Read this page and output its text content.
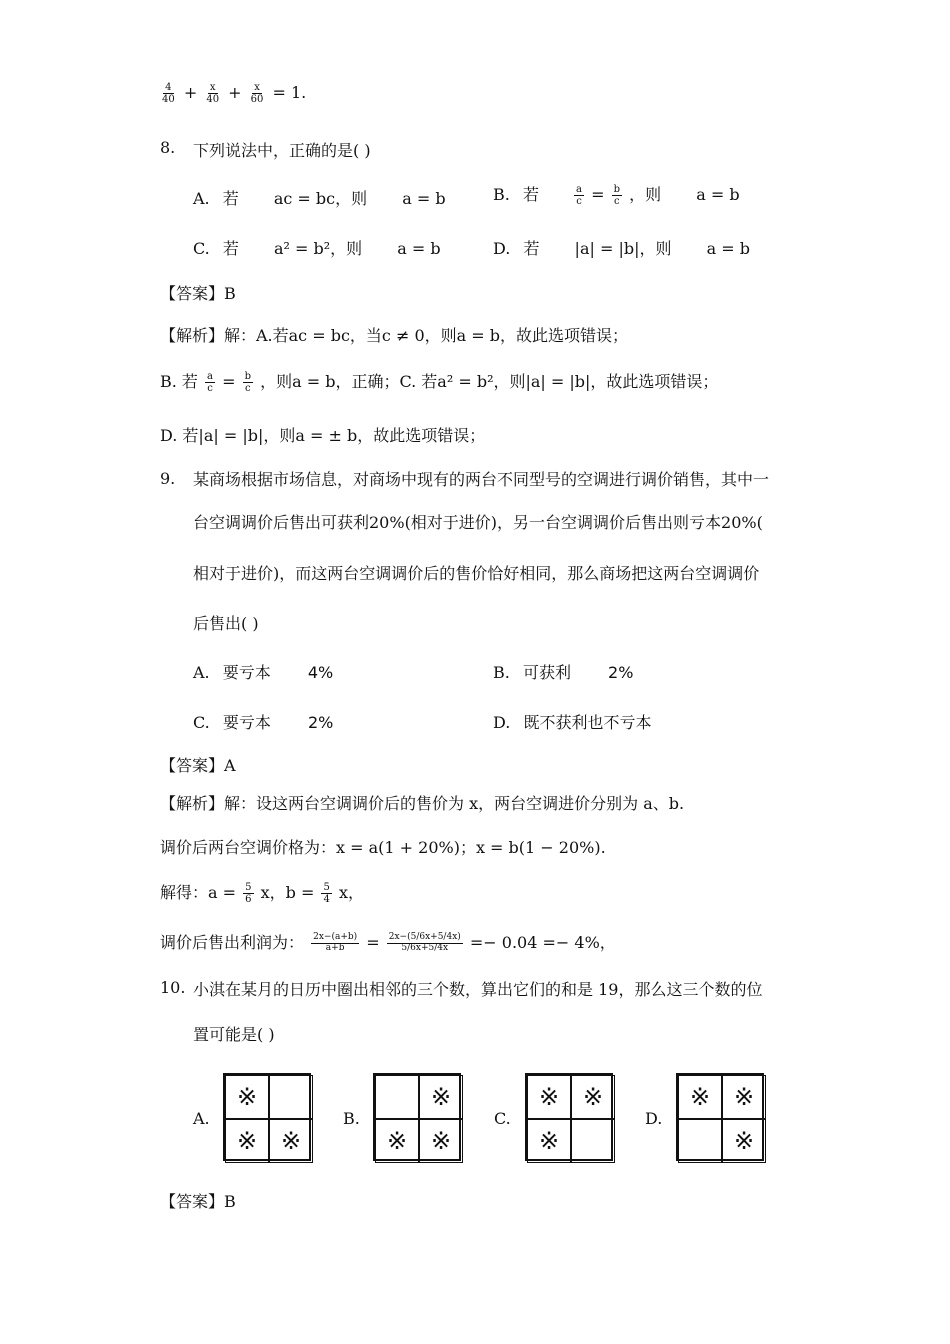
$\frac{4}{40} + \frac{x}{40} + \frac{x}{60} = 1$.
8. 下列说法中，正确的是( )
A. 若 ac = bc，则 a = b	B. 若	$\frac{a}{c} = \frac{b}{c}$ ，则 a = b
C. 若 a² = b²，则 a = b	D. 若 |a| = |b|，则 a = b
【答案】B
【解析】解：A.若ac = bc，当c ≠ 0，则a = b，故此选项错误；
B. 若 $\frac{a}{c} = \frac{b}{c}$ ，则a = b，正确；C. 若a² = b²，则|a| = |b|，故此选项错误；
D. 若|a| = |b|，则a = ± b，故此选项错误；
9. 某商场根据市场信息，对商场中现有的两台不同型号的空调进行调价销售，其中一
台空调调价后售出可获利20%(相对于进价)，另一台空调调价后售出则亏本20%(
相对于进价)，而这两台空调调价后的售价恰好相同，那么商场把这两台空调调价
后售出( )
A. 要亏本 4%	B. 可获利 2%
C. 要亏本 2%	D. 既不获利也不亏本
【答案】A
【解析】解：设这两台空调调价后的售价为 x，两台空调进价分别为 a、b.
调价后两台空调价格为：x = a(1 + 20%)；x = b(1 − 20%).
解得：$a = \frac{5}{6}$ x，$b = \frac{5}{4}$ x，
调价后售出利润为： $\frac{2x-(a+b)}{a+b} = \frac{2x-(5/6x+5/4x)}{5/6x+5/4x} =- 0.04 =- 4\%$，
10. 小淇在某月的日历中圈出相邻的三个数，算出它们的和是 19，那么这三个数的位
置可能是( )
A.
※
※ ※
B.
※
※ ※
C.
※ ※
※
D.
※ ※
※
【答案】B
